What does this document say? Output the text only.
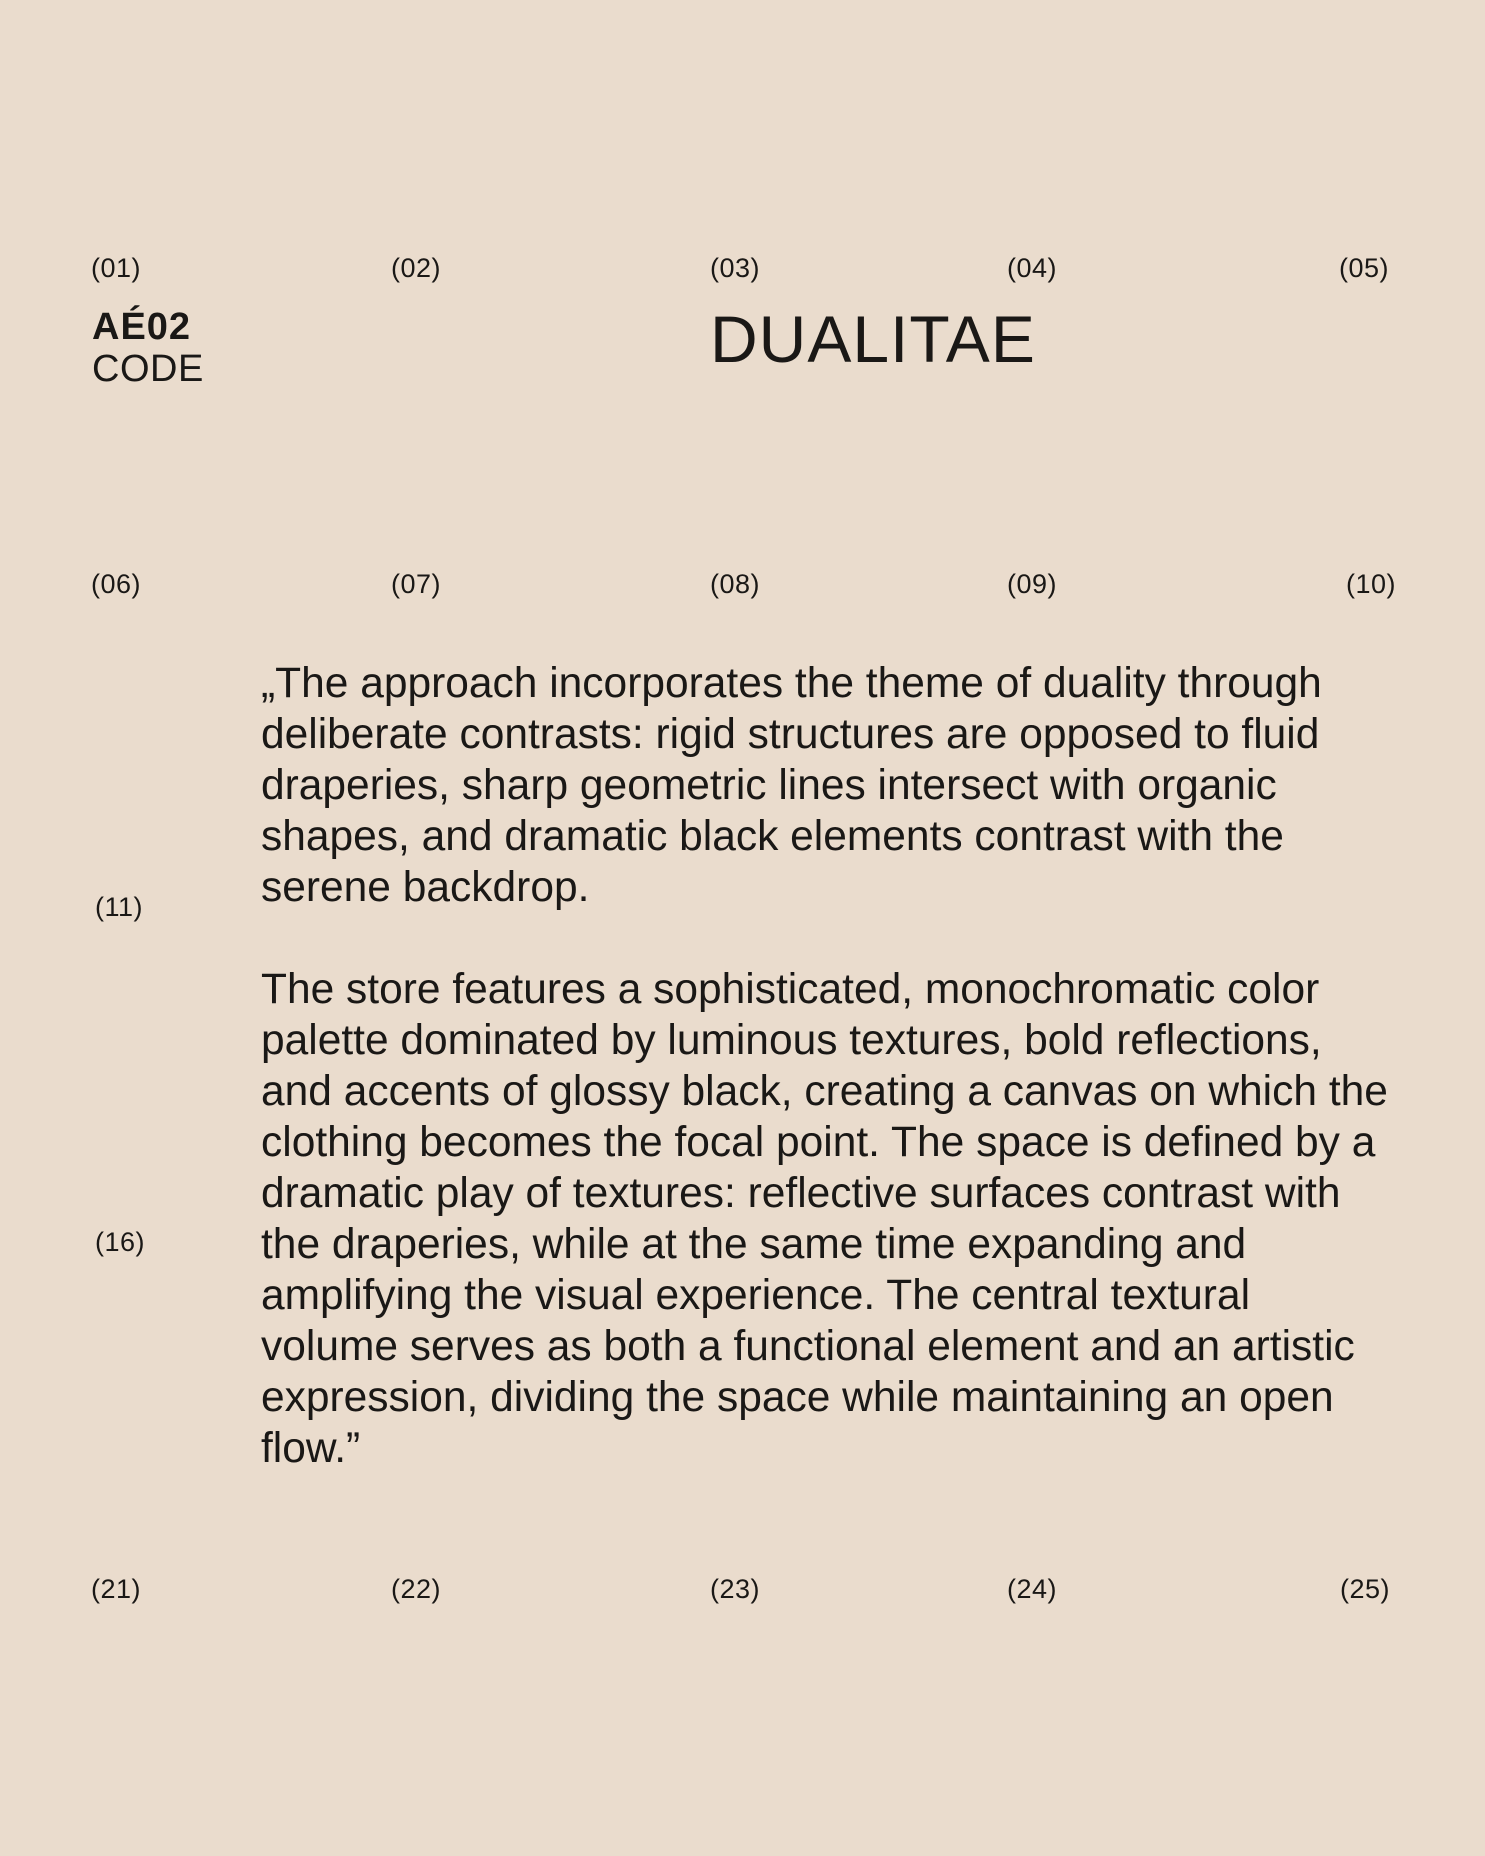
(01)	(02)	(03)	(04)	(05)
AÉ02
CODE	DUALITAE
(06)	(07)	(08)	(09)	(10)
(11)
(16)

„The approach incorporates the theme of duality through deliberate contrasts: rigid structures are opposed to fluid draperies, sharp geometric lines intersect with organic shapes, and dramatic black elements contrast with the serene backdrop.

The store features a sophisticated, monochromatic color palette dominated by luminous textures, bold reflections, and accents of glossy black, creating a canvas on which the clothing becomes the focal point. The space is defined by a dramatic play of textures: reflective surfaces contrast with the draperies, while at the same time expanding and amplifying the visual experience. The central textural volume serves as both a functional element and an artistic expression, dividing the space while maintaining an open flow.”

(21)	(22)	(23)	(24)	(25)
